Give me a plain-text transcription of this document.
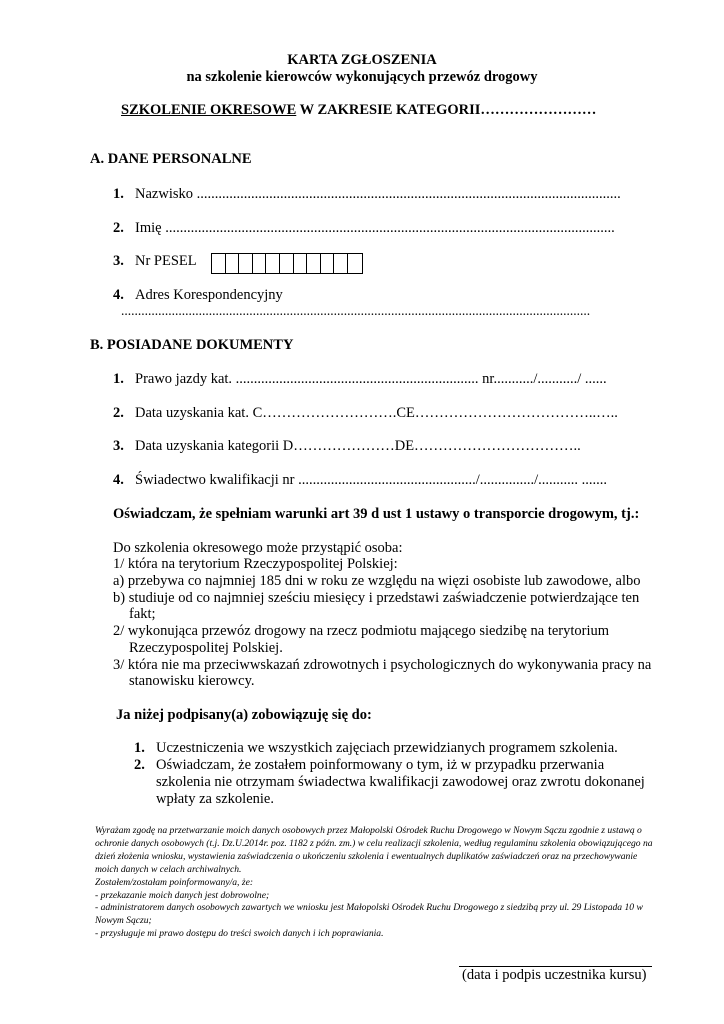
KARTA ZGŁOSZENIA
na szkolenie kierowców wykonujących przewóz drogowy
SZKOLENIE OKRESOWE W ZAKRESIE KATEGORII……………………
A. DANE PERSONALNE
1. Nazwisko .....................................................................................................................
2. Imię ............................................................................................................................
3. Nr PESEL
4. Adres Korespondencyjny
...........................................................................................................................................
B. POSIADANE DOKUMENTY
1. Prawo jazdy kat. ................................................................... nr.........../.........../ ......
2. Data uzyskania kat. C……………………….CE………………………………..…..
3. Data uzyskania kategorii D…………………DE……………………………..
4. Świadectwo kwalifikacji nr ................................................./.............../........... .......
Oświadczam, że spełniam warunki art 39 d ust 1 ustawy o transporcie drogowym, tj.:
Do szkolenia okresowego może przystąpić osoba:
1/ która na terytorium Rzeczypospolitej Polskiej:
a) przebywa co najmniej 185 dni w roku ze względu na więzi osobiste lub zawodowe, albo
b) studiuje od co najmniej sześciu miesięcy i przedstawi zaświadczenie potwierdzające ten
fakt;
2/ wykonująca przewóz drogowy na rzecz podmiotu mającego siedzibę na terytorium
Rzeczypospolitej Polskiej.
3/ która nie ma przeciwwskazań zdrowotnych i psychologicznych do wykonywania pracy na
stanowisku kierowcy.
Ja niżej podpisany(a) zobowiązuję się do:
1. Uczestniczenia we wszystkich zajęciach przewidzianych programem szkolenia.
2. Oświadczam, że zostałem poinformowany o tym, iż w przypadku przerwania
szkolenia nie otrzymam świadectwa kwalifikacji zawodowej oraz zwrotu dokonanej
wpłaty za szkolenie.
Wyrażam zgodę na przetwarzanie moich danych osobowych przez Małopolski Ośrodek Ruchu Drogowego w Nowym Sączu zgodnie z ustawą o ochronie danych osobowych (t.j. Dz.U.2014r. poz. 1182 z późn. zm.) w celu realizacji szkolenia, według regulaminu szkolenia obowiązującego na dzień złożenia wniosku, wystawienia zaświadczenia o ukończeniu szkolenia i ewentualnych duplikatów zaświadczeń oraz na przechowywanie moich danych w celach archiwalnych.
Zostałem/zostałam poinformowany/a, że:
- przekazanie moich danych jest dobrowolne;
- administratorem danych osobowych zawartych we wniosku jest Małopolski Ośrodek Ruchu Drogowego z siedzibą przy ul. 29 Listopada 10 w Nowym Sączu;
- przysługuje mi prawo dostępu do treści swoich danych i ich poprawiania.
(data i podpis uczestnika kursu)
